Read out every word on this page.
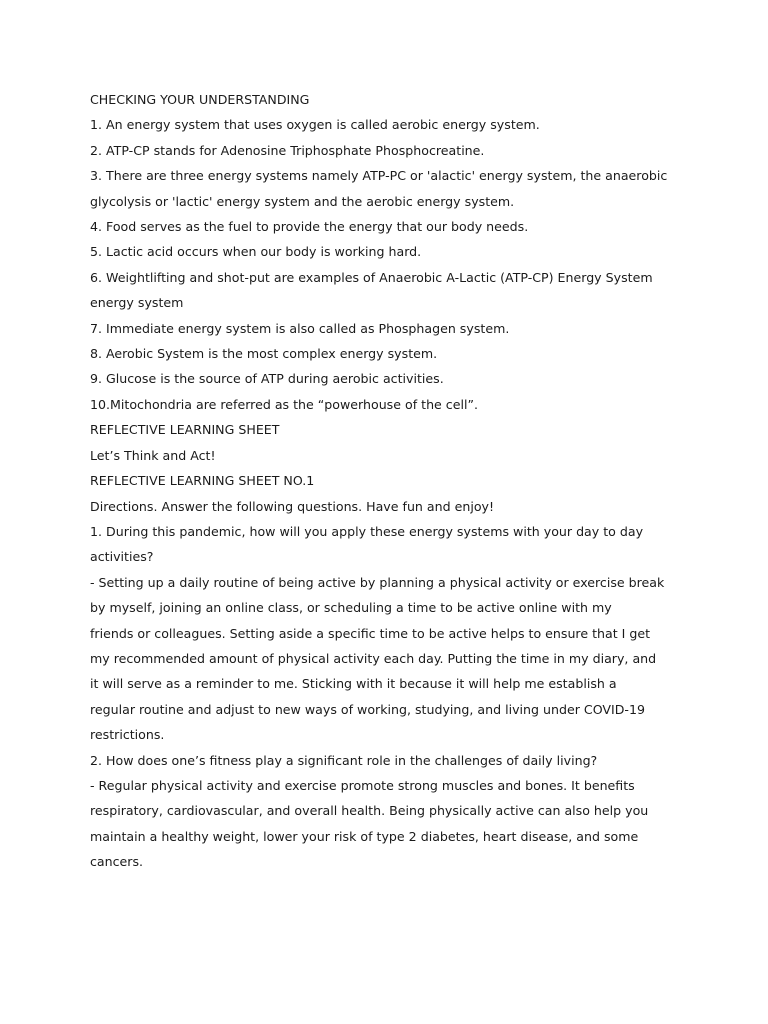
CHECKING YOUR UNDERSTANDING
1. An energy system that uses oxygen is called aerobic energy system.
2. ATP-CP stands for Adenosine Triphosphate Phosphocreatine.
3. There are three energy systems namely ATP-PC or 'alactic' energy system, the anaerobic
glycolysis or 'lactic' energy system and the aerobic energy system.
4. Food serves as the fuel to provide the energy that our body needs.
5. Lactic acid occurs when our body is working hard.
6. Weightlifting and shot-put are examples of Anaerobic A-Lactic (ATP-CP) Energy System
energy system
7. Immediate energy system is also called as Phosphagen system.
8. Aerobic System is the most complex energy system.
9. Glucose is the source of ATP during aerobic activities.
10.Mitochondria are referred as the “powerhouse of the cell”.
REFLECTIVE LEARNING SHEET
Let’s Think and Act!
REFLECTIVE LEARNING SHEET NO.1
Directions. Answer the following questions. Have fun and enjoy!
1. During this pandemic, how will you apply these energy systems with your day to day
activities?
- Setting up a daily routine of being active by planning a physical activity or exercise break
by myself, joining an online class, or scheduling a time to be active online with my
friends or colleagues. Setting aside a specific time to be active helps to ensure that I get
my recommended amount of physical activity each day. Putting the time in my diary, and
it will serve as a reminder to me. Sticking with it because it will help me establish a
regular routine and adjust to new ways of working, studying, and living under COVID-19
restrictions.
2. How does one’s fitness play a significant role in the challenges of daily living?
- Regular physical activity and exercise promote strong muscles and bones. It benefits
respiratory, cardiovascular, and overall health. Being physically active can also help you
maintain a healthy weight, lower your risk of type 2 diabetes, heart disease, and some
cancers.
